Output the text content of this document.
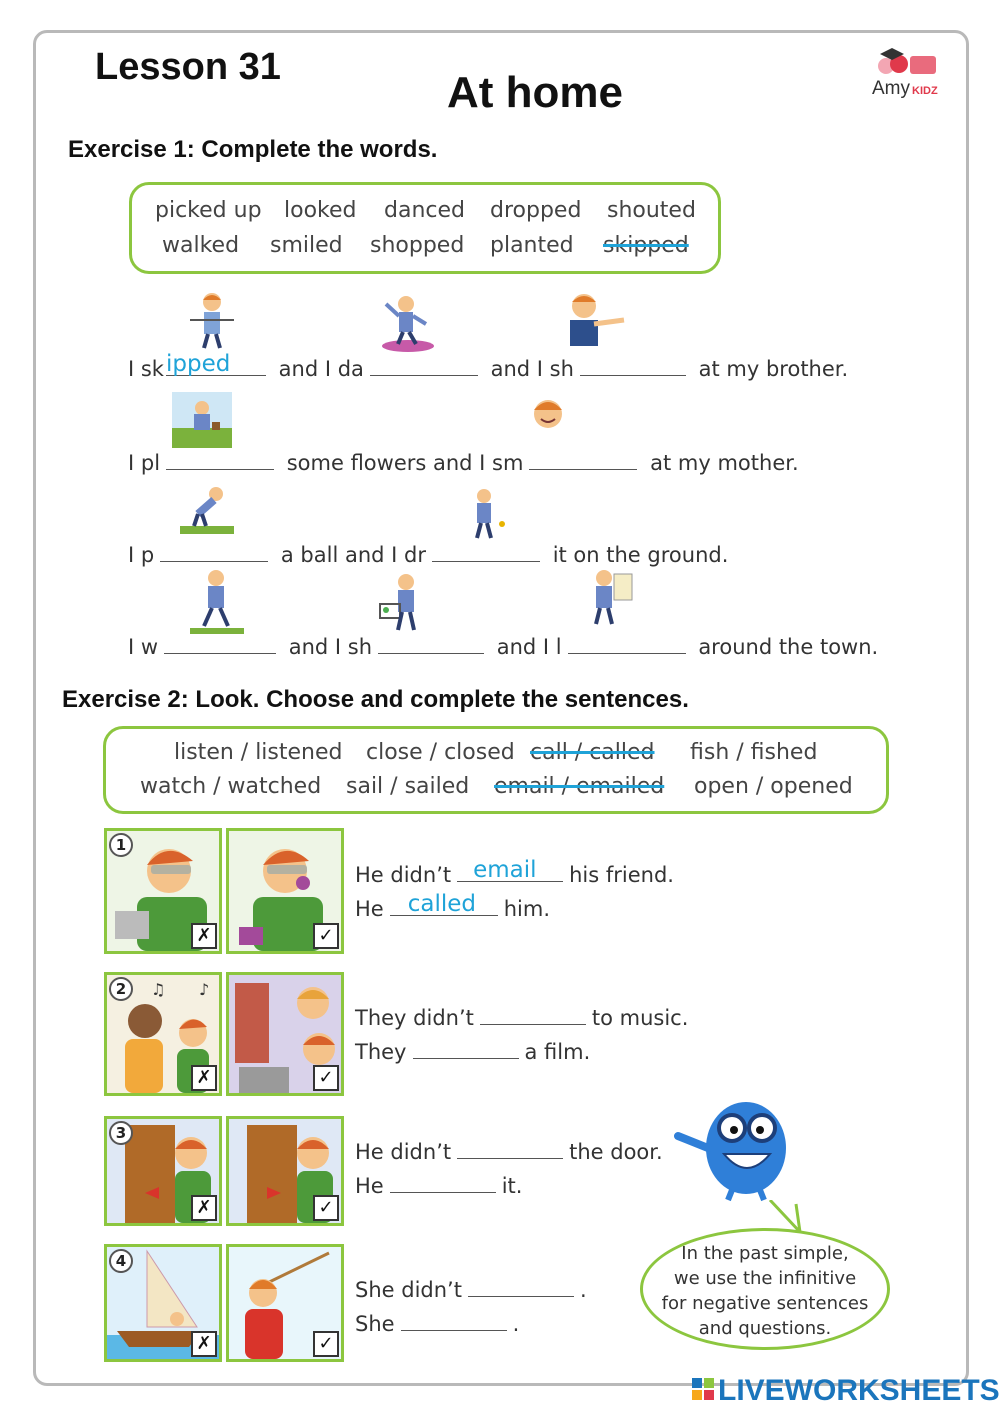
Lesson 31
At home	Amy KIDZ
Exercise 1: Complete the words.
picked up looked danced dropped shouted
walked smiled shopped planted skipped
I sk ipped and I da	and I sh	at my brother.
I pl	some flowers and I sm	at my mother.
I p	a ball and I dr	it on the ground.
I w	and I sh	and I l	around the town.
Exercise 2: Look. Choose and complete the sentences.
listen / listened close / closed call / called fish / fished
watch / watched sail / sailed email / emailed open / opened
1
✗	✓
♫ ♪
2
✗	✓
3
✗	✓
4
✗	✓
He didn’t email his friend.
He called him.
They didn’t	to music.
They	a film.
He didn’t	the door.
He	it.
She didn’t	.
She	.
In the past simple,
we use the infinitive
for negative sentences
and questions.
LIVEWORKSHEETS
